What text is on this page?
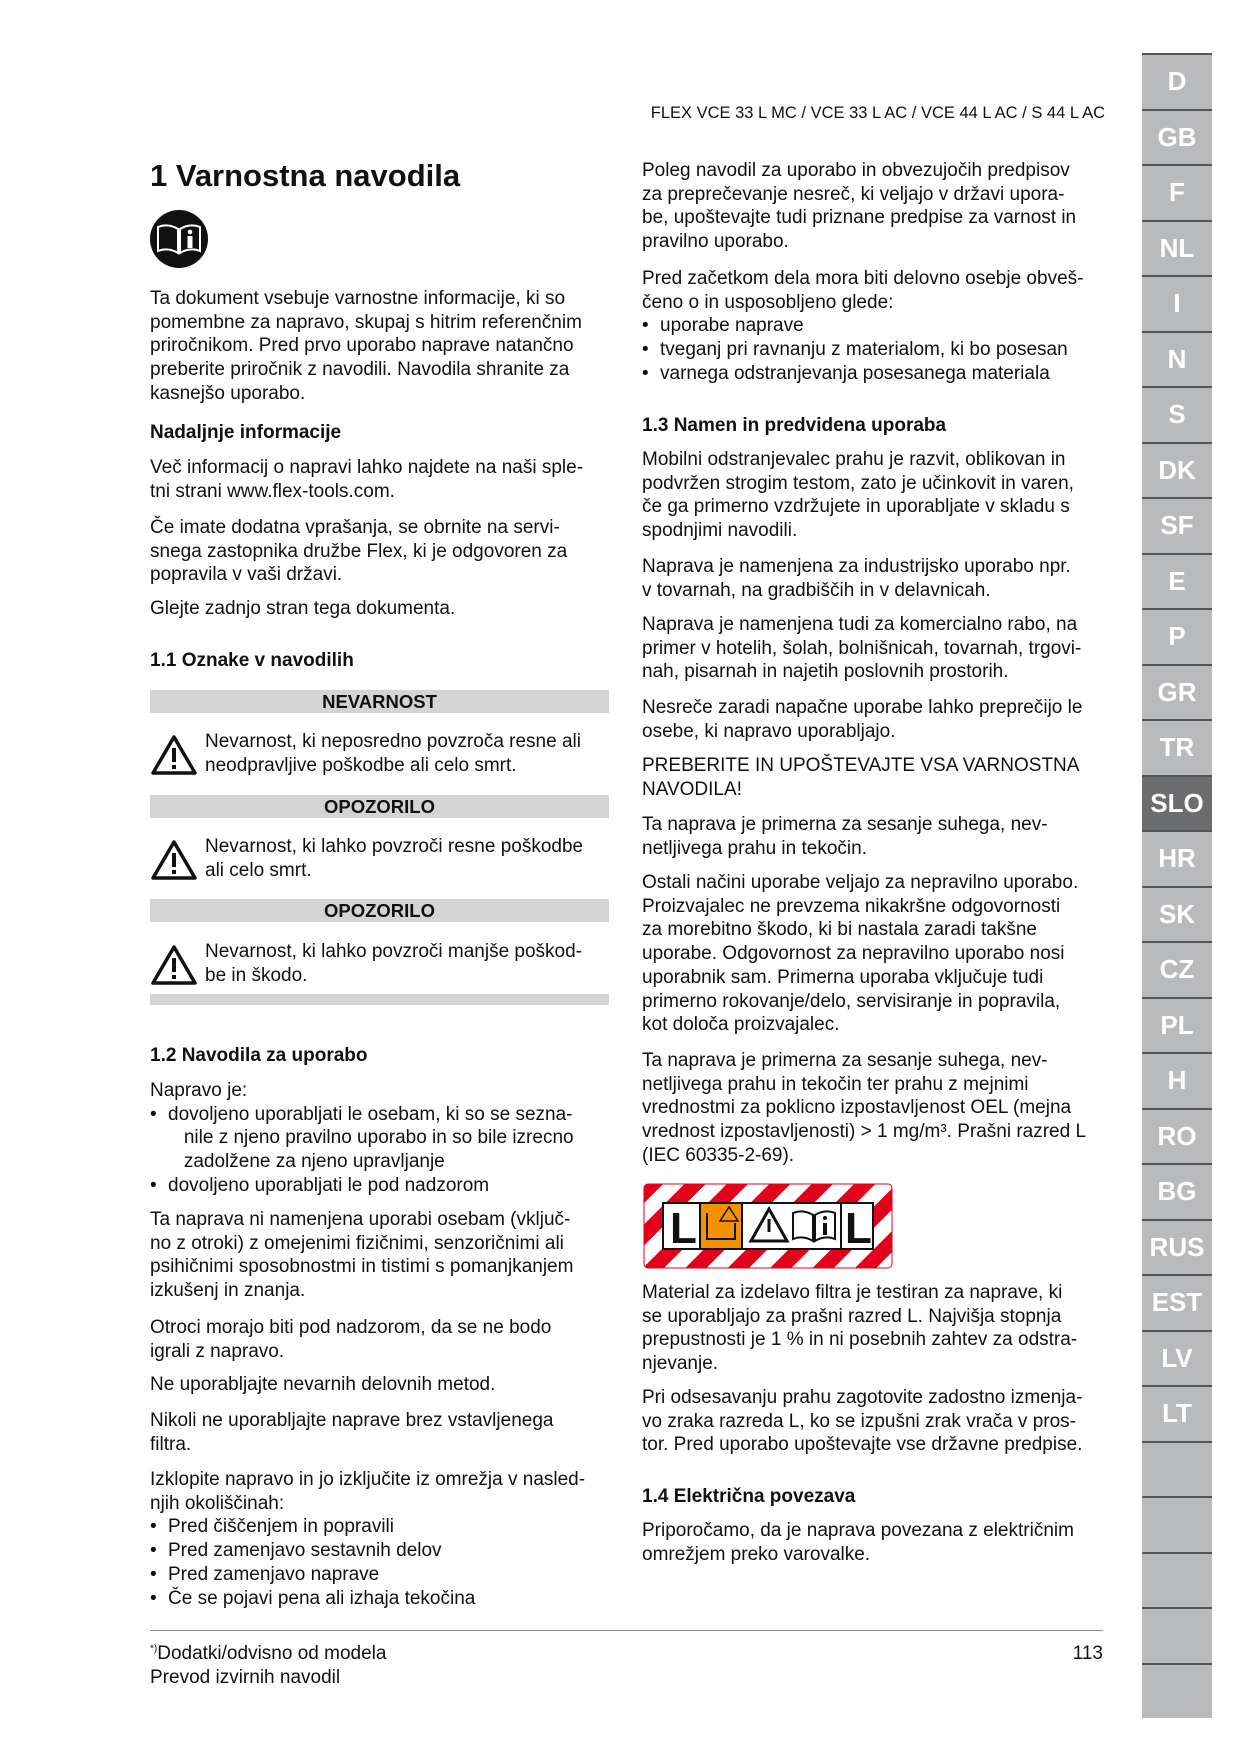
FLEX VCE 33 L MC / VCE 33 L AC / VCE 44 L AC / S 44 L AC
1 Varnostna navodila
Ta dokument vsebuje varnostne informacije, ki so
pomembne za napravo, skupaj s hitrim referenčnim
priročnikom. Pred prvo uporabo naprave natančno
preberite priročnik z navodili. Navodila shranite za
kasnejšo uporabo.
Nadaljnje informacije
Več informacij o napravi lahko najdete na naši sple-
tni strani www.flex-tools.com.
Če imate dodatna vprašanja, se obrnite na servi-
snega zastopnika družbe Flex, ki je odgovoren za
popravila v vaši državi.
Glejte zadnjo stran tega dokumenta.
1.1 Oznake v navodilih
NEVARNOST
Nevarnost, ki neposredno povzroča resne ali
neodpravljive poškodbe ali celo smrt.
OPOZORILO
Nevarnost, ki lahko povzroči resne poškodbe
ali celo smrt.
OPOZORILO
Nevarnost, ki lahko povzroči manjše poškod-
be in škodo.
1.2 Navodila za uporabo
Napravo je:
• dovoljeno uporabljati le osebam, ki so se sezna-
nile z njeno pravilno uporabo in so bile izrecno
zadolžene za njeno upravljanje
• dovoljeno uporabljati le pod nadzorom
Ta naprava ni namenjena uporabi osebam (vključ-
no z otroki) z omejenimi fizičnimi, senzoričnimi ali
psihičnimi sposobnostmi in tistimi s pomanjkanjem
izkušenj in znanja.
Otroci morajo biti pod nadzorom, da se ne bodo
igrali z napravo.
Ne uporabljajte nevarnih delovnih metod.
Nikoli ne uporabljajte naprave brez vstavljenega
filtra.
Izklopite napravo in jo izključite iz omrežja v nasled-
njih okoliščinah:
• Pred čiščenjem in popravili
• Pred zamenjavo sestavnih delov
• Pred zamenjavo naprave
• Če se pojavi pena ali izhaja tekočina
Poleg navodil za uporabo in obvezujočih predpisov
za preprečevanje nesreč, ki veljajo v državi upora-
be, upoštevajte tudi priznane predpise za varnost in
pravilno uporabo.
Pred začetkom dela mora biti delovno osebje obveš-
čeno o in usposobljeno glede:
• uporabe naprave
• tveganj pri ravnanju z materialom, ki bo posesan
• varnega odstranjevanja posesanega materiala
1.3 Namen in predvidena uporaba
Mobilni odstranjevalec prahu je razvit, oblikovan in
podvržen strogim testom, zato je učinkovit in varen,
če ga primerno vzdržujete in uporabljate v skladu s
spodnjimi navodili.
Naprava je namenjena za industrijsko uporabo npr.
v tovarnah, na gradbiščih in v delavnicah.
Naprava je namenjena tudi za komercialno rabo, na
primer v hotelih, šolah, bolnišnicah, tovarnah, trgovi-
nah, pisarnah in najetih poslovnih prostorih.
Nesreče zaradi napačne uporabe lahko preprečijo le
osebe, ki napravo uporabljajo.
PREBERITE IN UPOŠTEVAJTE VSA VARNOSTNA
NAVODILA!
Ta naprava je primerna za sesanje suhega, nev-
netljivega prahu in tekočin.
Ostali načini uporabe veljajo za nepravilno uporabo.
Proizvajalec ne prevzema nikakršne odgovornosti
za morebitno škodo, ki bi nastala zaradi takšne
uporabe. Odgovornost za nepravilno uporabo nosi
uporabnik sam. Primerna uporaba vključuje tudi
primerno rokovanje/delo, servisiranje in popravila,
kot določa proizvajalec.
Ta naprava je primerna za sesanje suhega, nev-
netljivega prahu in tekočin ter prahu z mejnimi
vrednostmi za poklicno izpostavljenost OEL (mejna
vrednost izpostavljenosti) > 1 mg/m³. Prašni razred L
(IEC 60335-2-69).
L	L
Material za izdelavo filtra je testiran za naprave, ki
se uporabljajo za prašni razred L. Najvišja stopnja
prepustnosti je 1 % in ni posebnih zahtev za odstra-
njevanje.
Pri odsesavanju prahu zagotovite zadostno izmenja-
vo zraka razreda L, ko se izpušni zrak vrača v pros-
tor. Pred uporabo upoštevajte vse državne predpise.
1.4 Električna povezava
Priporočamo, da je naprava povezana z električnim
omrežjem preko varovalke.
*)Dodatki/odvisno od modela
Prevod izvirnih navodil
113
D
GB
F
NL
I
N
S
DK
SF
E
P
GR
TR
SLO
HR
SK
CZ
PL
H
RO
BG
RUS
EST
LV
LT
